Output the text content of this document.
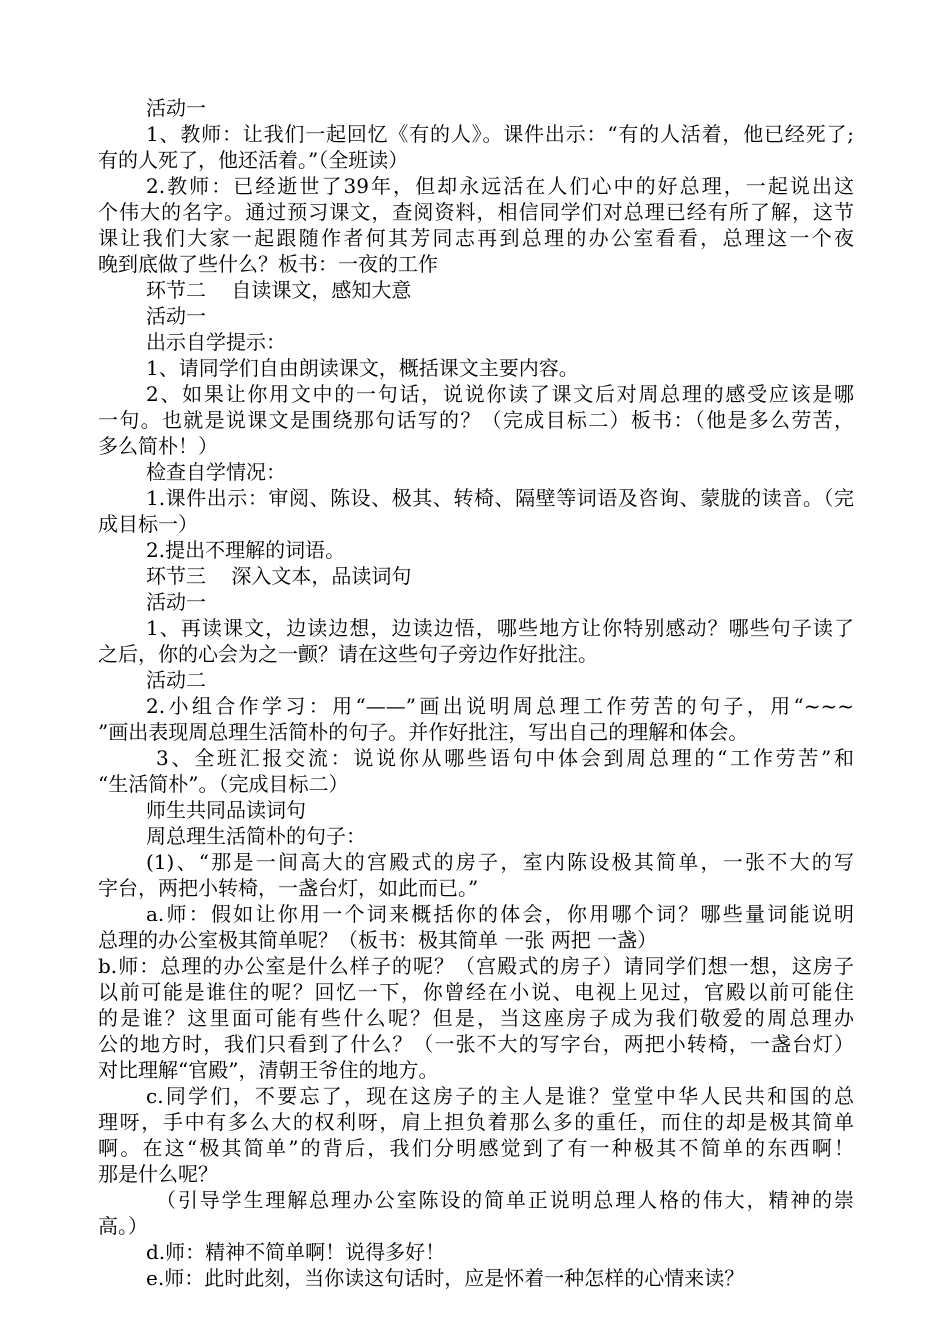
活动一
1、教师：让我们一起回忆《有的人》。课件出示：“有的人活着，他已经死了;
有的人死了，他还活着。”（全班读）
2.教师：已经逝世了39年，但却永远活在人们心中的好总理，一起说出这
个伟大的名字。通过预习课文，查阅资料，相信同学们对总理已经有所了解，这节
课让我们大家一起跟随作者何其芳同志再到总理的办公室看看，总理这一个夜
晚到底做了些什么？板书：一夜的工作
环节二    自读课文，感知大意
活动一
出示自学提示：
1、请同学们自由朗读课文，概括课文主要内容。
2、如果让你用文中的一句话，说说你读了课文后对周总理的感受应该是哪
一句。也就是说课文是围绕那句话写的？（完成目标二）板书：（他是多么劳苦，
多么简朴！）
检查自学情况：
1.课件出示：审阅、陈设、极其、转椅、隔壁等词语及咨询、蒙胧的读音。（完
成目标一）
2.提出不理解的词语。
环节三    深入文本，品读词句
活动一
1、再读课文，边读边想，边读边悟，哪些地方让你特别感动？哪些句子读了
之后，你的心会为之一颤？请在这些句子旁边作好批注。
活动二
2.小组合作学习：用“——”画出说明周总理工作劳苦的句子，用“~~~
”画出表现周总理生活简朴的句子。并作好批注，写出自己的理解和体会。
3、全班汇报交流：说说你从哪些语句中体会到周总理的“工作劳苦”和
“生活简朴”。（完成目标二）
师生共同品读词句
周总理生活简朴的句子：
(1)、“那是一间高大的宫殿式的房子，室内陈设极其简单，一张不大的写
字台，两把小转椅，一盏台灯，如此而已。”
a.师：假如让你用一个词来概括你的体会，你用哪个词？哪些量词能说明
总理的办公室极其简单呢？（板书：极其简单 一张 两把 一盏）
b.师：总理的办公室是什么样子的呢？（宫殿式的房子）请同学们想一想，这房子
以前可能是谁住的呢？回忆一下，你曾经在小说、电视上见过，官殿以前可能住
的是谁？这里面可能有些什么呢？但是，当这座房子成为我们敬爱的周总理办
公的地方时，我们只看到了什么？（一张不大的写字台，两把小转椅，一盏台灯）
对比理解“官殿”，清朝王爷住的地方。
c.同学们，不要忘了，现在这房子的主人是谁？堂堂中华人民共和国的总
理呀，手中有多么大的权利呀，肩上担负着那么多的重任，而住的却是极其简单
啊。在这“极其简单”的背后，我们分明感觉到了有一种极其不简单的东西啊！
那是什么呢？
（引导学生理解总理办公室陈设的简单正说明总理人格的伟大，精神的崇
高。）
d.师：精神不简单啊！说得多好！
e.师：此时此刻，当你读这句话时，应是怀着一种怎样的心情来读？
